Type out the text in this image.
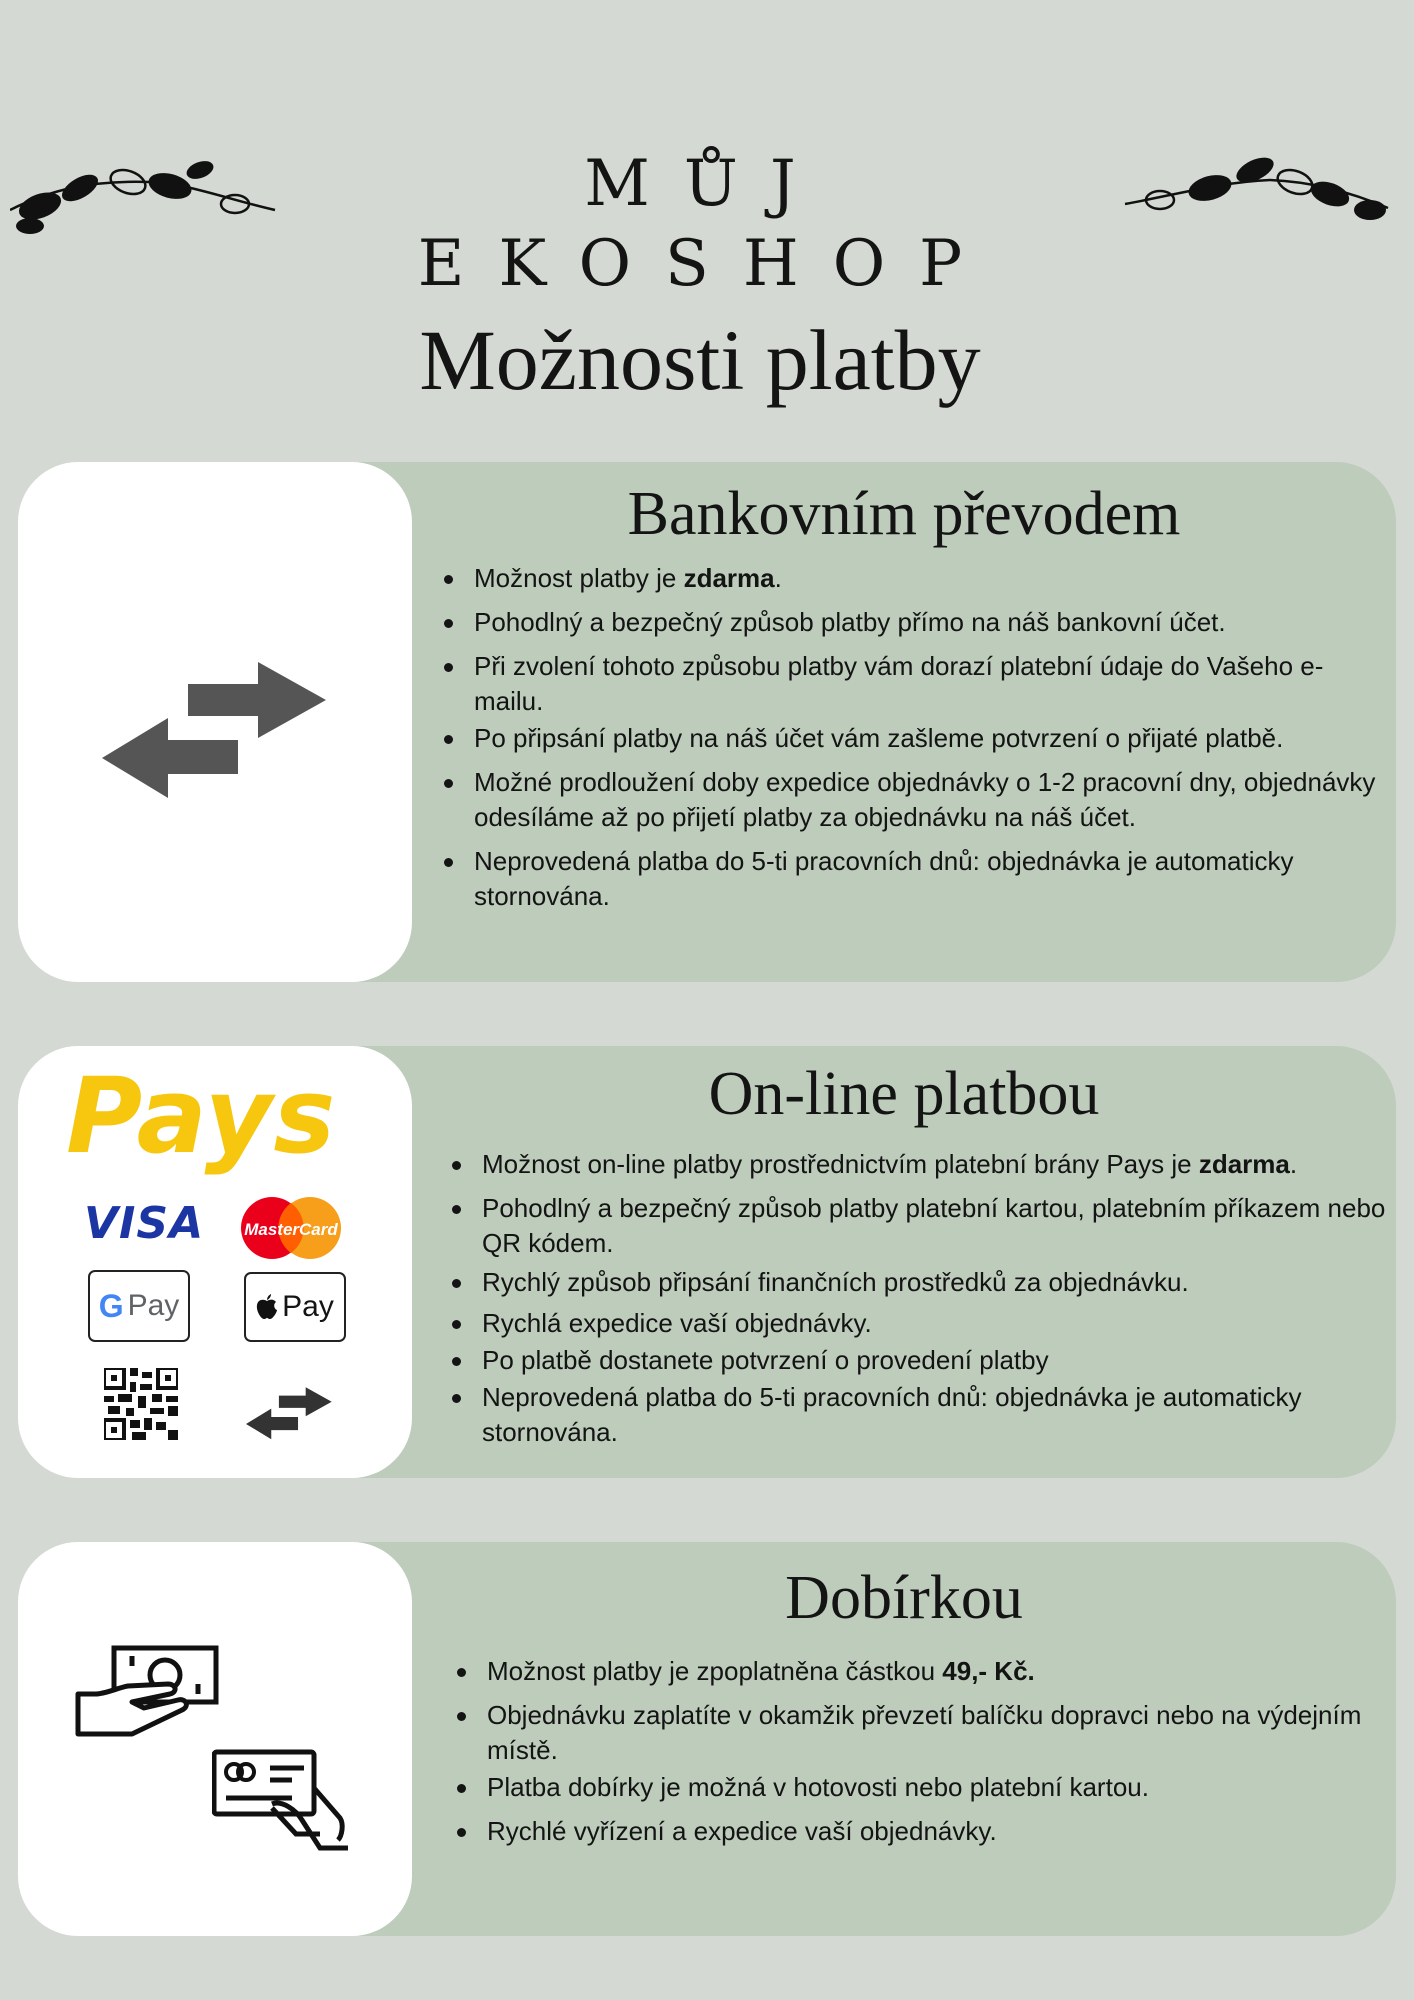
MŮJ EKOSHOP
Možnosti platby
Bankovním převodem
Možnost platby je zdarma.
Pohodlný a bezpečný způsob platby přímo na náš bankovní účet.
Při zvolení tohoto způsobu platby vám dorazí platební údaje do Vašeho e-mailu.
Po připsání platby na náš účet vám zašleme potvrzení o přijaté platbě.
Možné prodloužení doby expedice objednávky o 1-2 pracovní dny, objednávky odesíláme až po přijetí platby za objednávku na náš účet.
Neprovedená platba do 5-ti pracovních dnů: objednávka je automaticky stornována.
Pays
VISA MasterCard
G Pay	Pay
On-line platbou
Možnost on-line platby prostřednictvím platební brány Pays je zdarma.
Pohodlný a bezpečný způsob platby platební kartou, platebním příkazem nebo QR kódem.
Rychlý způsob připsání finančních prostředků za objednávku.
Rychlá expedice vaší objednávky.
Po platbě dostanete potvrzení o provedení platby
Neprovedená platba do 5-ti pracovních dnů: objednávka je automaticky stornována.
Dobírkou
Možnost platby je zpoplatněna částkou 49,- Kč.
Objednávku zaplatíte v okamžik převzetí balíčku dopravci nebo na výdejním místě.
Platba dobírky je možná v hotovosti nebo platební kartou.
Rychlé vyřízení a expedice vaší objednávky.
